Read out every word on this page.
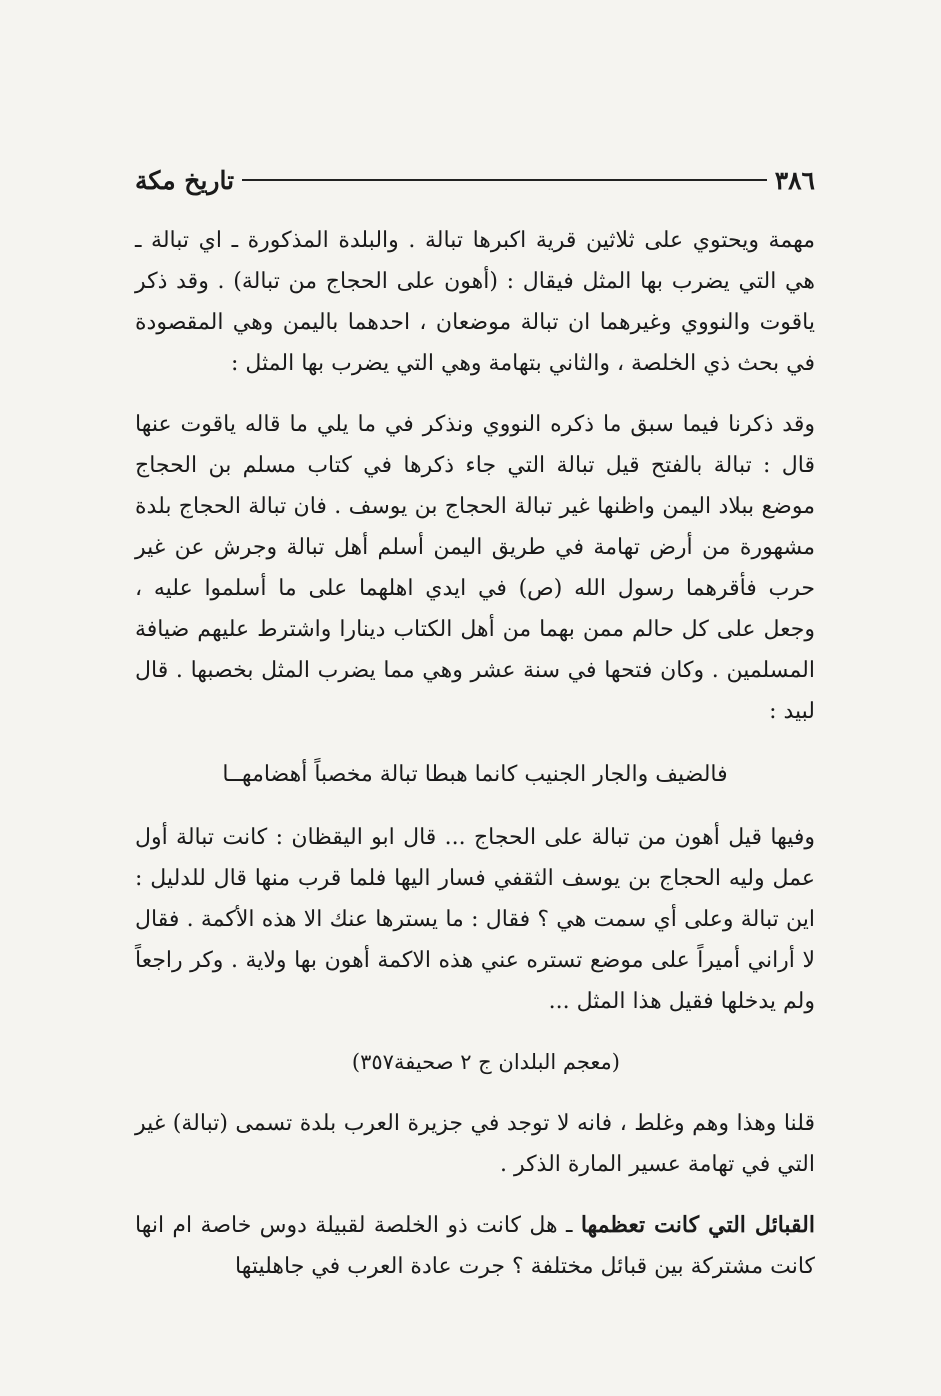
تاريخ مكة	٣٨٦

مهمة ويحتوي على ثلاثين قرية اكبرها تبالة . والبلدة المذكورة ـ اي تبالة ـ هي التي يضرب بها المثل فيقال : (أهون على الحجاج من تبالة) . وقد ذكر ياقوت والنووي وغيرهما ان تبالة موضعان ، احدهما باليمن وهي المقصودة في بحث ذي الخلصة ، والثاني بتهامة وهي التي يضرب بها المثل :

وقد ذكرنا فيما سبق ما ذكره النووي ونذكر في ما يلي ما قاله ياقوت عنها قال : تبالة بالفتح قيل تبالة التي جاء ذكرها في كتاب مسلم بن الحجاج موضع ببلاد اليمن واظنها غير تبالة الحجاج بن يوسف . فان تبالة الحجاج بلدة مشهورة من أرض تهامة في طريق اليمن أسلم أهل تبالة وجرش عن غير حرب فأقرهما رسول الله (ص) في ايدي اهلهما على ما أسلموا عليه ، وجعل على كل حالم ممن بهما من أهل الكتاب دينارا واشترط عليهم ضيافة المسلمين . وكان فتحها في سنة عشر وهي مما يضرب المثل بخصبها . قال لبيد :

فالضيف والجار الجنيب كانما هبطا تبالة مخصباً أهضامهــا

وفيها قيل أهون من تبالة على الحجاج ... قال ابو اليقظان : كانت تبالة أول عمل وليه الحجاج بن يوسف الثقفي فسار اليها فلما قرب منها قال للدليل : اين تبالة وعلى أي سمت هي ؟ فقال : ما يسترها عنك الا هذه الأكمة . فقال لا أراني أميراً على موضع تستره عني هذه الاكمة أهون بها ولاية . وكر راجعاً ولم يدخلها فقيل هذا المثل ...

(معجم البلدان ج ٢ صحيفة٣٥٧)

قلنا وهذا وهم وغلط ، فانه لا توجد في جزيرة العرب بلدة تسمى (تبالة) غير التي في تهامة عسير المارة الذكر .

القبائل التي كانت تعظمها ـ هل كانت ذو الخلصة لقبيلة دوس خاصة ام انها كانت مشتركة بين قبائل مختلفة ؟ جرت عادة العرب في جاهليتها
